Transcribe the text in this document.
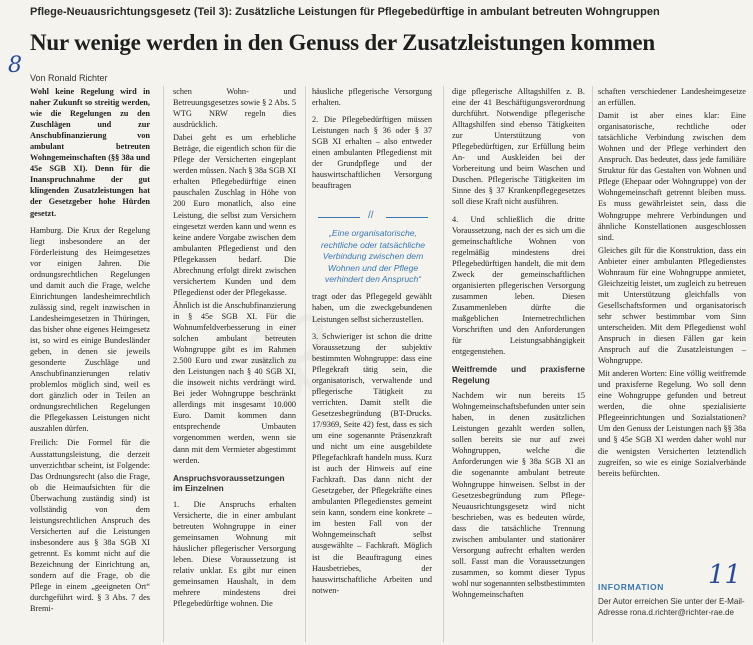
Pflege-Neuausrichtungsgesetz (Teil 3): Zusätzliche Leistungen für Pflegebedürftige in ambulant betreuten Wohngruppen
Nur wenige werden in den Genuss der Zusatzleistungen kommen
8 Von Ronald Richter

Wohl keine Regelung wird in naher Zukunft so streitig werden, wie die Regelungen zu den Zuschlägen und zur Anschubfinanzierung von ambulant betreuten Wohngemeinschaften (§§ 38a und 45e SGB XI). Denn für die Inanspruchnahme der gut klingenden Zusatzleistungen hat der Gesetzgeber hohe Hürden gesetzt.

Hamburg. Die Krux der Regelung liegt insbesondere an der Förderleistung des Heimgesetzes vor einigen Jahren. Die ordnungsrechtlichen Regelungen und damit auch die Frage, welche Einrichtungen landesheimrechtlich zulässig sind, regelt inzwischen in Landesheimgesetzen in Thüringen, das bisher ohne eigenes Heimgesetz ist, so wird es einige Bundesländer geben, in denen sie jeweils gesonderte Zuschläge und Anschubfinanzierungen relativ problemlos möglich sind, weil es dort gänzlich oder in Teilen an ordnungsrechtlichen Regelungen die Pflegekassen Leistungen nicht auszahlen dürfen.

Freilich: Die Formel für die Ausstattungsleistung, die derzeit unverzichtbar scheint, ist Folgende: Das Ordnungsrecht (also die Frage, ob die Heimaufsichten für die Überwachung zuständig sind) ist vollständig von dem leistungsrechtlichen Anspruch des Versicherten auf die Leistungen insbesondere aus § 38a SGB XI getrennt. Es kommt nicht auf die Bezeichnung der Einrichtung an, sondern auf die Frage, ob die Pflege in einem „geeigneten Ort“ durchgeführt wird. § 3 Abs. 7 des Bremi-

schen Wohn- und Betreuungsgesetzes sowie § 2 Abs. 5 WTG NRW regeln dies ausdrücklich.

Dabei geht es um erhebliche Beträge, die eigentlich schon für die Pflege der Versicherten eingeplant werden müssen. Nach § 38a SGB XI erhalten Pflegebedürftige einen pauschalen Zuschlag in Höhe von 200 Euro monatlich, also eine Leistung, die selbst zum Versichern eingesetzt werden kann und wenn es keine andere Vorgabe zwischen dem ambulanten Pflegedienst und den Pflegekassen bedarf. Die Abrechnung erfolgt direkt zwischen versichertem Kunden und dem Pflegedienst oder der Pflegekasse.

Ähnlich ist die Anschubfinanzierung in § 45e SGB XI. Für die Wohnumfeldverbesserung in einer solchen ambulant betreuten Wohngruppe gibt es im Rahmen 2.500 Euro und zwar zusätzlich zu den Leistungen nach § 40 SGB XI, die insoweit nichts verdrängt wird. Bei jeder Wohngruppe beschränkt allerdings mit insgesamt 10.000 Euro. Damit kommen dann entsprechende Umbauten vorgenommen werden, wenn sie dann mit dem Vermieter abgestimmt werden.

Anspruchsvoraussetzungen im Einzelnen

1. Die Anspruchs erhalten Versicherte, die in einer ambulant betreuten Wohngruppe in einer gemeinsamen Wohnung mit häuslicher pflegerischer Versorgung leben. Diese Voraussetzung ist relativ unklar. Es gibt nur einen gemeinsamen Haushalt, in dem mehrere mindestens drei Pflegebedürftige wohnen. Die

häusliche pflegerische Versorgung erhalten.

2. Die Pflegebedürftigen müssen Leistungen nach § 36 oder § 37 SGB XI erhalten – also entweder einen ambulanten Pflegedienst mit der Grundpflege und der hauswirtschaftlichen Versorgung beauftragen

tragt oder das Pflegegeld gewählt haben, um die zweckgebundenen Leistungen selbst sicherzustellen.

3. Schwieriger ist schon die dritte Voraussetzung der subjektiv bestimmten Wohngruppe: dass eine Pflegekraft tätig sein, die organisatorisch, verwaltende und pflegerische Tätigkeit zu verrichten. Damit stellt die Gesetzesbegründung (BT-Drucks. 17/9369, Seite 42) fest, dass es sich um eine sogenannte Präsenzkraft und nicht um eine ausgebildete Pflegefachkraft handeln muss. Kurz ist auch der Hinweis auf eine Fachkraft. Das dann nicht der Gesetzgeber, der Pflegekräfte eines ambulanten Pflegedienstes gemeint sein kann, sondern eine konkrete – im besten Fall von der Wohngemeinschaft selbst ausgewählte – Fachkraft. Möglich ist die Beauftragung eines Hausbetriebes, der hauswirtschaftliche Arbeiten und notwen-

//
„Eine organisatorische, rechtliche oder tatsächliche Verbindung zwischen dem Wohnen und der Pflege verhindert den Anspruch“

dige pflegerische Alltagshilfen z. B. eine der 41 Beschäftigungsverordnung durchführt. Notwendige pflegerische Alltagshilfen sind ebenso Tätigkeiten zur Unterstützung von Pflegebedürftigen, zur Erfüllung beim An- und Auskleiden bei der Vorbereitung und beim Waschen und Duschen. Pflegerische Tätigkeiten im Sinne des § 37 Krankenpflegegesetzes soll diese Kraft nicht ausführen.

4. Und schließlich die dritte Voraussetzung, nach der es sich um die gemeinschaftliche Wohnen von regelmäßig mindestens drei Pflegebedürftigen handelt, die mit dem Zweck der gemeinschaftlichen organisierten pflegerischen Versorgung zusammen leben. Diesen Zusammenleben dürfte die maßgeblichen Internetrechtlichen Vorschriften und den Anforderungen für Leistungsabhängigkeit entgegenstehen.

Weitfremde und praxisferne Regelung

Nachdem wir nun bereits 15 Wohngemeinschaftsbefunden unter sein haben, in denen zusätzlichen Leistungen gezahlt werden sollen, sollen bereits sie nur auf zwei Wohngruppen, welche die Anforderungen wie § 38a SGB XI an die sogenannte ambulant betreute Wohngruppe hinweisen. Selbst in der Gesetzesbegründung zum Pflege-Neuausrichtungsgesetz wird nicht beschrieben, was es bedeuten würde, dass die tatsächliche Trennung zwischen ambulanter und stationärer Versorgung aufrecht erhalten werden soll. Fasst man die Voraussetzungen zusammen, so kommt dieser Typus wohl nur sogenannten selbstbestimmten Wohngemeinschaften

schaften verschiedener Landesheimgesetze an erfüllen.

Damit ist aber eines klar: Eine organisatorische, rechtliche oder tatsächliche Verbindung zwischen dem Wohnen und der Pflege verhindert den Anspruch. Das bedeutet, dass jede familiäre Struktur für das Gestalten von Wohnen und Pflege (Ehepaar oder Wohngruppe) von der Wohngemeinschaft getrennt bleiben muss. Es muss gewährleistet sein, dass die Wohngruppe mehrere Verbindungen und ähnliche Konstellationen ausgeschlossen sind.

Gleiches gilt für die Konstruktion, dass ein Anbieter einer ambulanten Pflegedienstes Wohnraum für eine Wohngruppe anmietet, Gleichzeitig leistet, um zugleich zu betreuen mit Unterstützung gleichfalls von Gesellschaftsformen und organisatorisch sehr schwer bestimmbar vom Sinn unterscheiden. Mit dem Pflegedienst wohl Anspruch in diesen Fällen gar kein Anspruch auf die Zusatzleistungen – Wohngruppe.

Mit anderen Worten: Eine völlig weitfremde und praxisferne Regelung. Wo soll denn eine Wohngruppe gefunden und betreut werden, die ohne spezialisierte Pflegeeinrichtungen und Sozialstationen? Um den Genuss der Leistungen nach §§ 38a und § 45e SGB XI werden daher wohl nur die wenigsten Versicherten letztendlich zugreifen, so wie es einige Sozialverbände bereits befürchten.

11
INFORMATION
Der Autor erreichen Sie unter der E-Mail-Adresse rona.d.richter@richter-rae.de
